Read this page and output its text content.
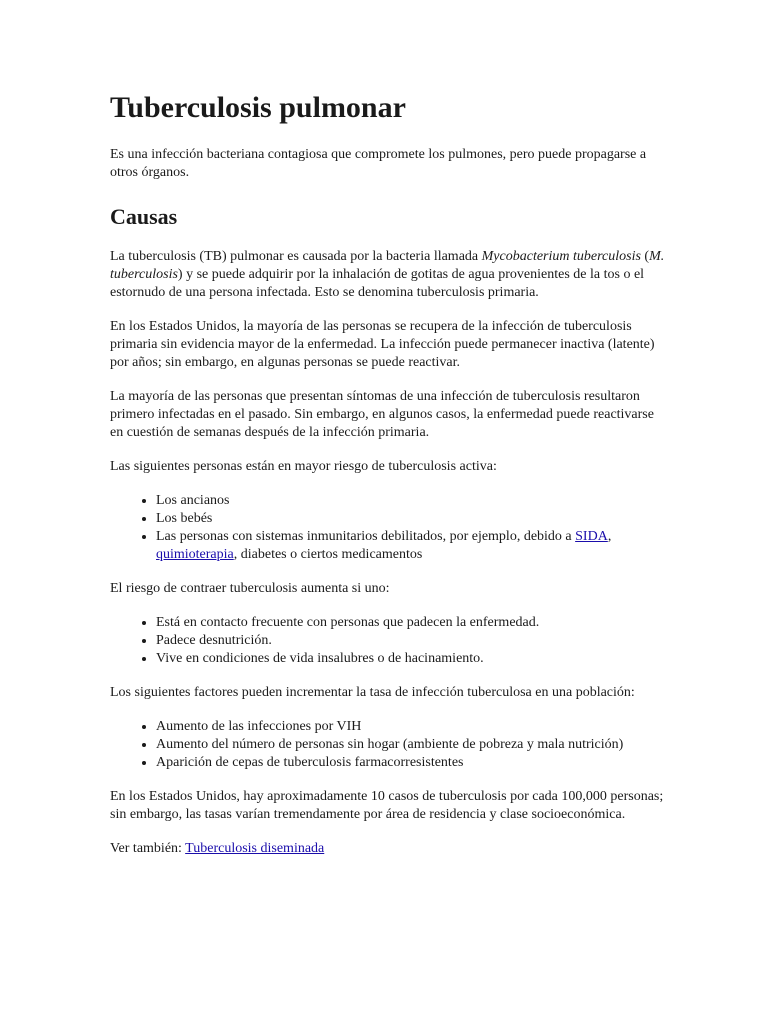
Tuberculosis pulmonar

Es una infección bacteriana contagiosa que compromete los pulmones, pero puede propagarse a otros órganos.

Causas

La tuberculosis (TB) pulmonar es causada por la bacteria llamada Mycobacterium tuberculosis (M. tuberculosis) y se puede adquirir por la inhalación de gotitas de agua provenientes de la tos o el estornudo de una persona infectada. Esto se denomina tuberculosis primaria.

En los Estados Unidos, la mayoría de las personas se recupera de la infección de tuberculosis primaria sin evidencia mayor de la enfermedad. La infección puede permanecer inactiva (latente) por años; sin embargo, en algunas personas se puede reactivar.

La mayoría de las personas que presentan síntomas de una infección de tuberculosis resultaron primero infectadas en el pasado. Sin embargo, en algunos casos, la enfermedad puede reactivarse en cuestión de semanas después de la infección primaria.

Las siguientes personas están en mayor riesgo de tuberculosis activa:

• Los ancianos
• Los bebés
• Las personas con sistemas inmunitarios debilitados, por ejemplo, debido a SIDA, quimioterapia, diabetes o ciertos medicamentos

El riesgo de contraer tuberculosis aumenta si uno:

• Está en contacto frecuente con personas que padecen la enfermedad.
• Padece desnutrición.
• Vive en condiciones de vida insalubres o de hacinamiento.

Los siguientes factores pueden incrementar la tasa de infección tuberculosa en una población:

• Aumento de las infecciones por VIH
• Aumento del número de personas sin hogar (ambiente de pobreza y mala nutrición)
• Aparición de cepas de tuberculosis farmacorresistentes

En los Estados Unidos, hay aproximadamente 10 casos de tuberculosis por cada 100,000 personas; sin embargo, las tasas varían tremendamente por área de residencia y clase socioeconómica.

Ver también: Tuberculosis diseminada
